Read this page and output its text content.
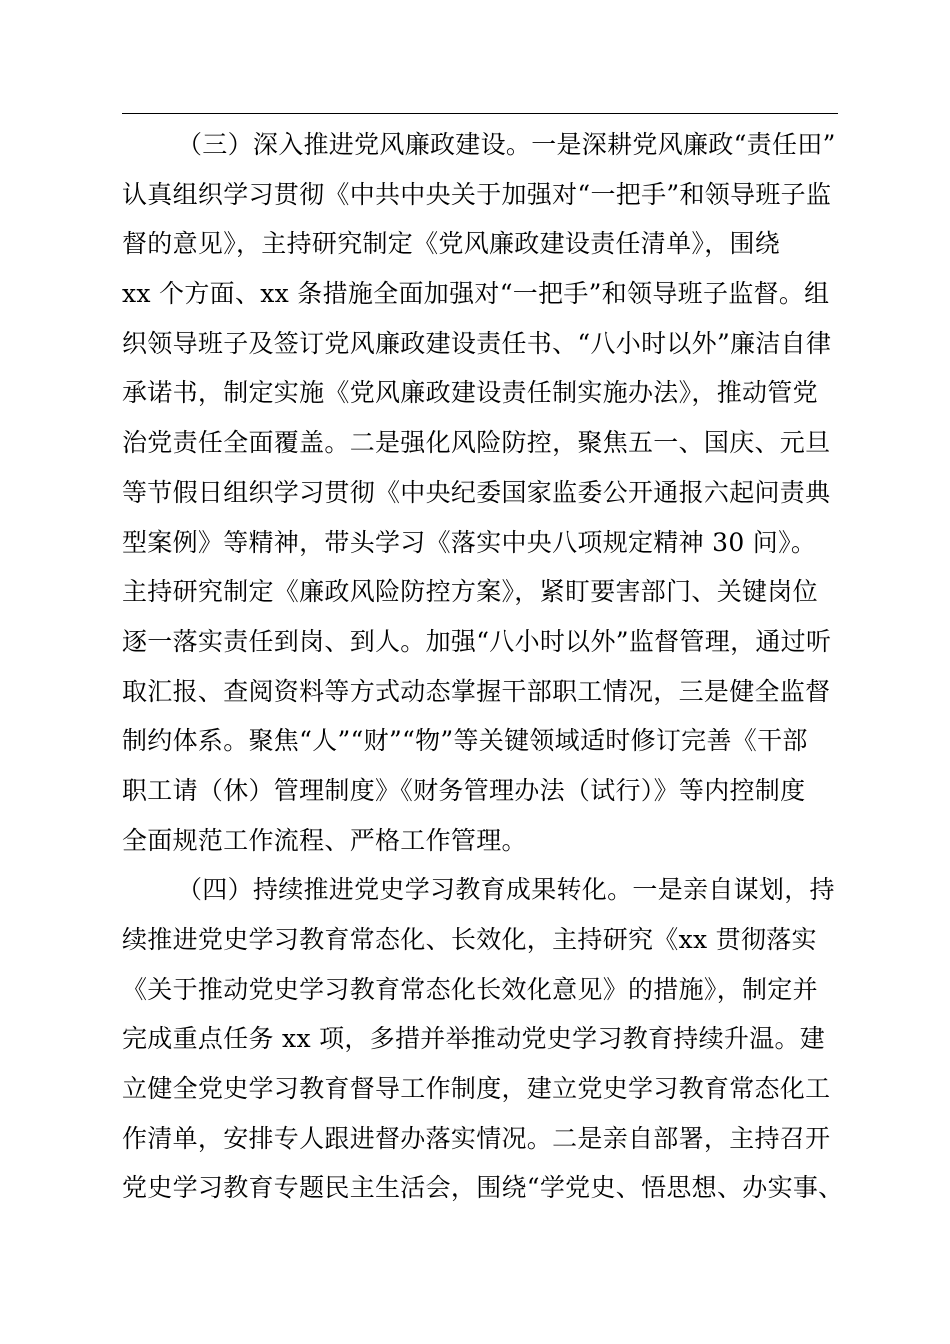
（三）深入推进党风廉政建设。一是深耕党风廉政“责任田”
认真组织学习贯彻《中共中央关于加强对“一把手”和领导班子监
督的意见》，主持研究制定《党风廉政建设责任清单》，围绕
xx 个方面、xx 条措施全面加强对“一把手”和领导班子监督。组
织领导班子及签订党风廉政建设责任书、“八小时以外”廉洁自律
承诺书，制定实施《党风廉政建设责任制实施办法》，推动管党
治党责任全面覆盖。二是强化风险防控，聚焦五一、国庆、元旦
等节假日组织学习贯彻《中央纪委国家监委公开通报六起问责典
型案例》等精神，带头学习《落实中央八项规定精神 30 问》。
主持研究制定《廉政风险防控方案》，紧盯要害部门、关键岗位
逐一落实责任到岗、到人。加强“八小时以外”监督管理，通过听
取汇报、查阅资料等方式动态掌握干部职工情况，三是健全监督
制约体系。聚焦“人”“财”“物”等关键领域适时修订完善《干部
职工请（休）管理制度》《财务管理办法（试行）》等内控制度
全面规范工作流程、严格工作管理。
（四）持续推进党史学习教育成果转化。一是亲自谋划，持
续推进党史学习教育常态化、长效化，主持研究《xx 贯彻落实
《关于推动党史学习教育常态化长效化意见》的措施》，制定并
完成重点任务 xx 项，多措并举推动党史学习教育持续升温。建
立健全党史学习教育督导工作制度，建立党史学习教育常态化工
作清单，安排专人跟进督办落实情况。二是亲自部署，主持召开
党史学习教育专题民主生活会，围绕“学党史、悟思想、办实事、
